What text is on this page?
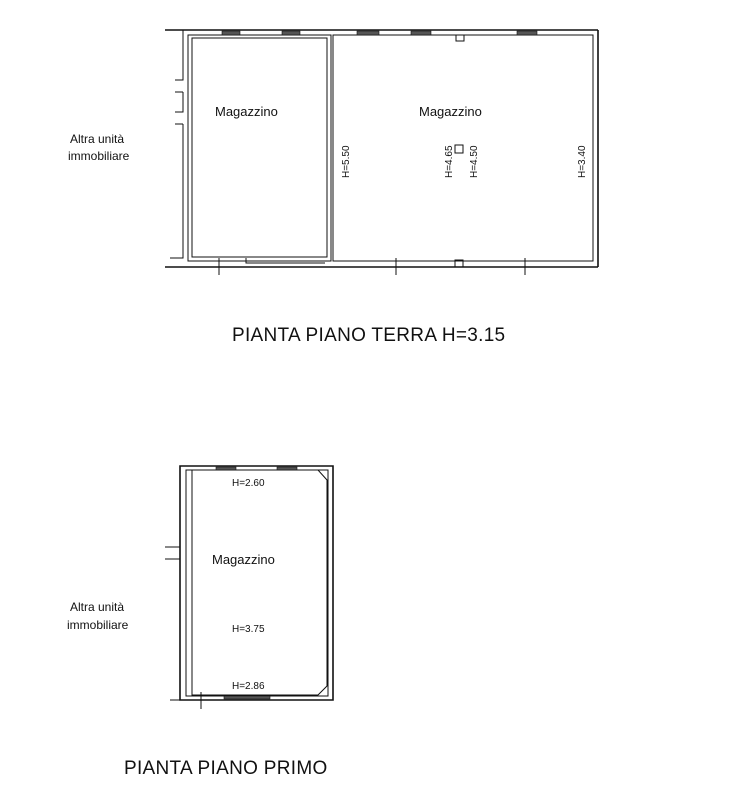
Altra unità
immobiliare
Magazzino	Magazzino
H=5.50	H=4.65 H=4.50	H=3.40
PIANTA PIANO TERRA H=3.15
Altra unità
immobiliare
H=2.60
Magazzino
H=3.75
H=2.86
PIANTA PIANO PRIMO
